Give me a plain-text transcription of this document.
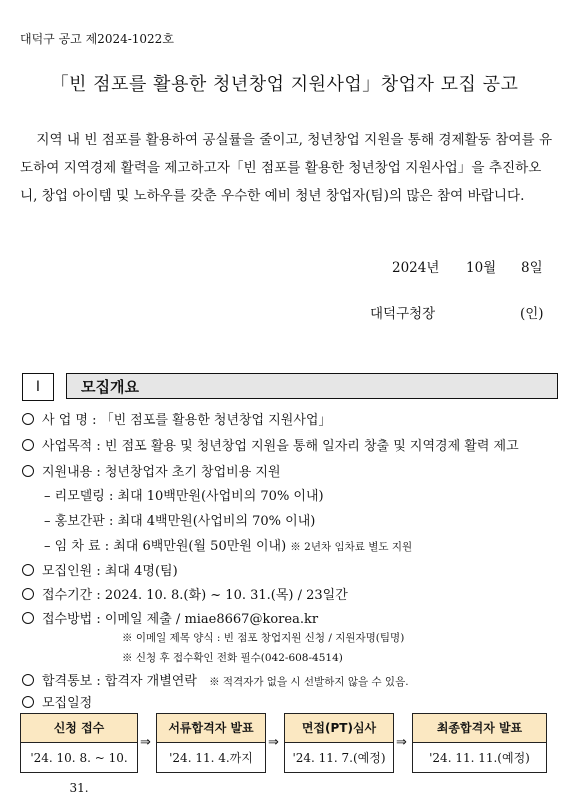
대덕구 공고 제2024-1022호
「빈 점포를 활용한 청년창업 지원사업」창업자 모집 공고
지역 내 빈 점포를 활용하여 공실률을 줄이고, 청년창업 지원을 통해 경제활동 참여를 유도하여 지역경제 활력을 제고하고자「빈 점포를 활용한 청년창업 지원사업」을 추진하오니, 창업 아이템 및 노하우를 갖춘 우수한 예비 청년 창업자(팀)의 많은 참여 바랍니다.
2024년 10월 8일
대덕구청장	(인)
Ⅰ	모집개요
사 업 명 : 「빈 점포를 활용한 청년창업 지원사업」
사업목적 : 빈 점포 활용 및 청년창업 지원을 통해 일자리 창출 및 지역경제 활력 제고
지원내용 : 청년창업자 초기 창업비용 지원
– 리모델링 : 최대 10백만원(사업비의 70% 이내)
– 홍보간판 : 최대 4백만원(사업비의 70% 이내)
– 임 차 료 : 최대 6백만원(월 50만원 이내) ※ 2년차 임차료 별도 지원
모집인원 : 최대 4명(팀)
접수기간 : 2024. 10. 8.(화) ~ 10. 31.(목) / 23일간
접수방법 : 이메일 제출 / miae8667@korea.kr
※ 이메일 제목 양식 : 빈 점포 창업지원 신청 / 지원자명(팀명)
※ 신청 후 접수확인 전화 필수(042-608-4514)
합격통보 : 합격자 개별연락 ※ 적격자가 없을 시 선발하지 않을 수 있음.
모집일정
신청 접수
'24. 10. 8. ~ 10. 31.
⇒
서류합격자 발표
'24. 11. 4.까지
⇒
면접(PT)심사
'24. 11. 7.(예정)
⇒
최종합격자 발표
'24. 11. 11.(예정)
